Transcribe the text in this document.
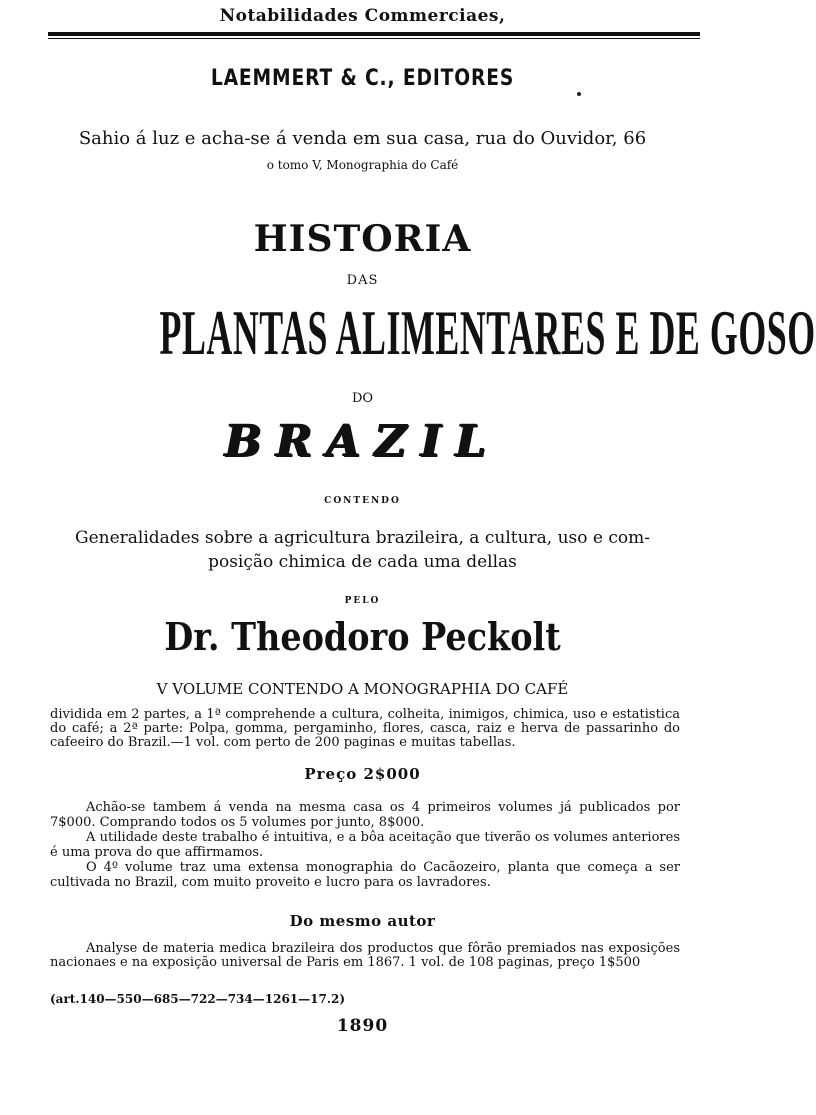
Notabilidades Commerciaes,
LAEMMERT & C., EDITORES
Sahio á luz e acha-se á venda em sua casa, rua do Ouvidor, 66
o tomo V, Monographia do Café
HISTORIA
DAS
PLANTAS ALIMENTARES E DE GOSO
DO
BRAZIL
CONTENDO
Generalidades sobre a agricultura brazileira, a cultura, uso e com-
posição chimica de cada uma dellas
PELO
Dr. Theodoro Peckolt
V VOLUME CONTENDO A MONOGRAPHIA DO CAFÉ
dividida em 2 partes, a 1ª comprehende a cultura, colheita, inimigos, chimica, uso e estatistica do café; a 2ª parte: Polpa, gomma, pergaminho, flores, casca, raiz e herva de passarinho do cafeeiro do Brazil.—1 vol. com perto de 200 paginas e muitas tabellas.
Preço 2$000
Achão-se tambem á venda na mesma casa os 4 primeiros volumes já publicados por 7$000. Comprando todos os 5 volumes por junto, 8$000.
A utilidade deste trabalho é intuitiva, e a bôa aceitação que tiverão os volumes anteriores é uma prova do que affirmamos.
O 4º volume traz uma extensa monographia do Cacãozeiro, planta que começa a ser cultivada no Brazil, com muito proveito e lucro para os lavradores.
Do mesmo autor
Analyse de materia medica brazileira dos productos que fôrão premiados nas exposições nacionaes e na exposição universal de Paris em 1867. 1 vol. de 108 paginas, preço 1$500
(art.140—550—685—722—734—1261—17.2)
1890
